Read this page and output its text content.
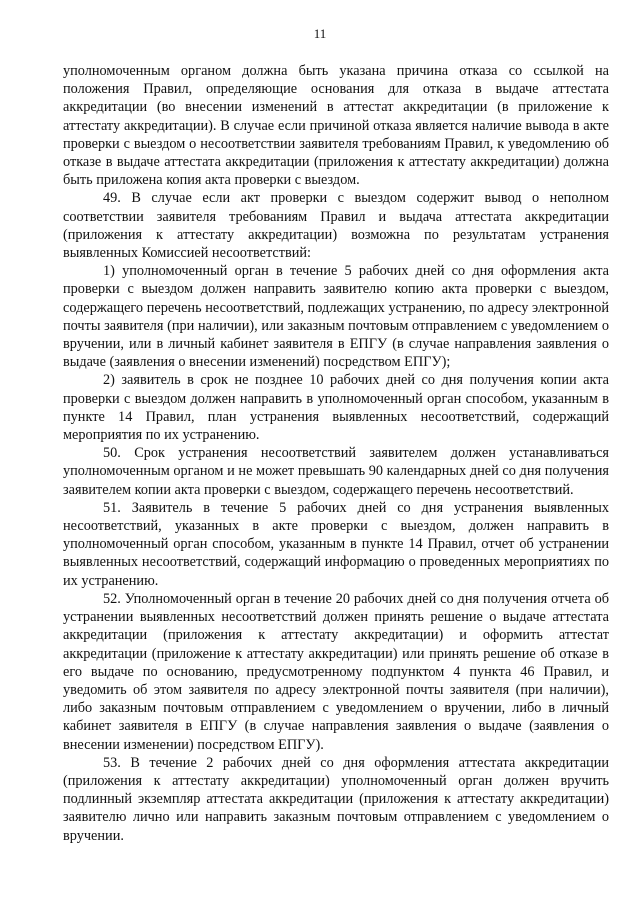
11

уполномоченным органом должна быть указана причина отказа со ссылкой на положения Правил, определяющие основания для отказа в выдаче аттестата аккредитации (во внесении изменений в аттестат аккредитации (в приложение к аттестату аккредитации). В случае если причиной отказа является наличие вывода в акте проверки с выездом о несоответствии заявителя требованиям Правил, к уведомлению об отказе в выдаче аттестата аккредитации (приложения к аттестату аккредитации) должна быть приложена копия акта проверки с выездом.

49. В случае если акт проверки с выездом содержит вывод о неполном соответствии заявителя требованиям Правил и выдача аттестата аккредитации (приложения к аттестату аккредитации) возможна по результатам устранения выявленных Комиссией несоответствий:

1) уполномоченный орган в течение 5 рабочих дней со дня оформления акта проверки с выездом должен направить заявителю копию акта проверки с выездом, содержащего перечень несоответствий, подлежащих устранению, по адресу электронной почты заявителя (при наличии), или заказным почтовым отправлением с уведомлением о вручении, или в личный кабинет заявителя в ЕПГУ (в случае направления заявления о выдаче (заявления о внесении изменений) посредством ЕПГУ);

2) заявитель в срок не позднее 10 рабочих дней со дня получения копии акта проверки с выездом должен направить в уполномоченный орган способом, указанным в пункте 14 Правил, план устранения выявленных несоответствий, содержащий мероприятия по их устранению.

50. Срок устранения несоответствий заявителем должен устанавливаться уполномоченным органом и не может превышать 90 календарных дней со дня получения заявителем копии акта проверки с выездом, содержащего перечень несоответствий.

51. Заявитель в течение 5 рабочих дней со дня устранения выявленных несоответствий, указанных в акте проверки с выездом, должен направить в уполномоченный орган способом, указанным в пункте 14 Правил, отчет об устранении выявленных несоответствий, содержащий информацию о проведенных мероприятиях по их устранению.

52. Уполномоченный орган в течение 20 рабочих дней со дня получения отчета об устранении выявленных несоответствий должен принять решение о выдаче аттестата аккредитации (приложения к аттестату аккредитации) и оформить аттестат аккредитации (приложение к аттестату аккредитации) или принять решение об отказе в его выдаче по основанию, предусмотренному подпунктом 4 пункта 46 Правил, и уведомить об этом заявителя по адресу электронной почты заявителя (при наличии), либо заказным почтовым отправлением с уведомлением о вручении, либо в личный кабинет заявителя в ЕПГУ (в случае направления заявления о выдаче (заявления о внесении изменении) посредством ЕПГУ).

53. В течение 2 рабочих дней со дня оформления аттестата аккредитации (приложения к аттестату аккредитации) уполномоченный орган должен вручить подлинный экземпляр аттестата аккредитации (приложения к аттестату аккредитации) заявителю лично или направить заказным почтовым отправлением с уведомлением о вручении.
